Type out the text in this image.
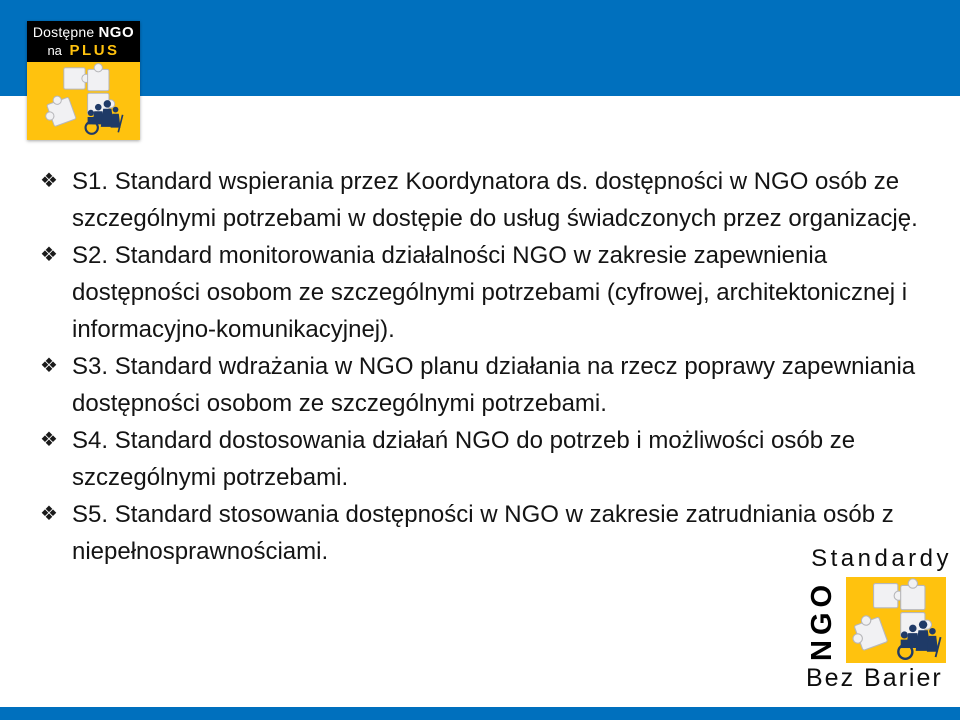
Dostępne NGO
na PLUS
❖ S1. Standard wspierania przez Koordynatora ds. dostępności w NGO osób ze
szczególnymi potrzebami w dostępie do usług świadczonych przez organizację.
❖ S2. Standard monitorowania działalności NGO w zakresie zapewnienia
dostępności osobom ze szczególnymi potrzebami (cyfrowej, architektonicznej i
informacyjno-komunikacyjnej).
❖ S3. Standard wdrażania w NGO planu działania na rzecz poprawy zapewniania
dostępności osobom ze szczególnymi potrzebami.
❖ S4. Standard dostosowania działań NGO do potrzeb i możliwości osób ze
szczególnymi potrzebami.
❖ S5. Standard stosowania dostępności w NGO w zakresie zatrudniania osób z
niepełnosprawnościami.	Standardy
NGO
Bez Barier
